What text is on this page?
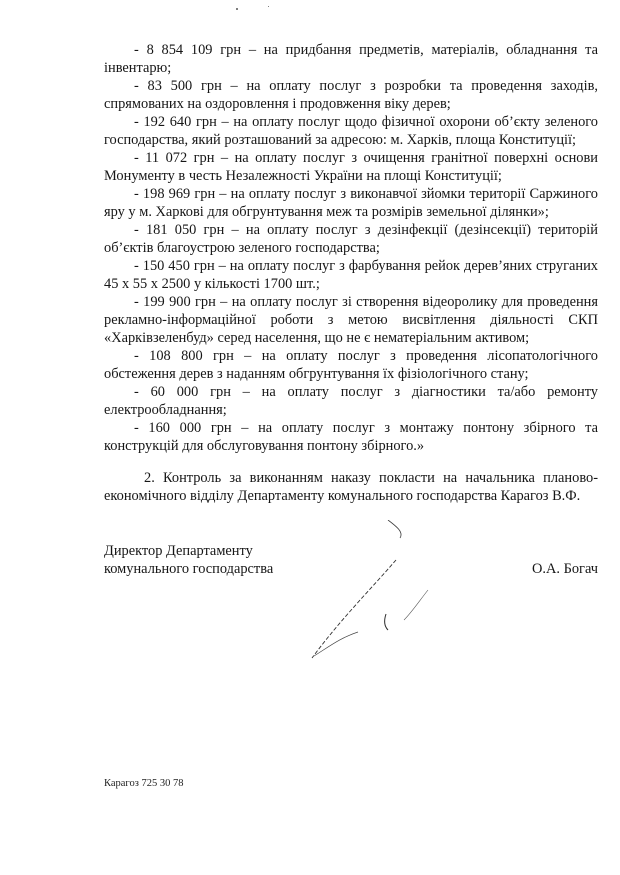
- 8 854 109 грн – на придбання предметів, матеріалів, обладнання та інвентарю;

- 83 500 грн – на оплату послуг з розробки та проведення заходів, спрямованих на оздоровлення і продовження віку дерев;

- 192 640 грн – на оплату послуг щодо фізичної охорони об’єкту зеленого господарства, який розташований за адресою: м. Харків, площа Конституції;

- 11 072 грн – на оплату послуг з очищення гранітної поверхні основи Монументу в честь Незалежності України на площі Конституції;

- 198 969 грн – на оплату послуг з виконавчої зйомки території Саржиного яру у м. Харкові для обгрунтування меж та розмірів земельної ділянки»;

- 181 050 грн – на оплату послуг з дезінфекції (дезінсекції) територій об’єктів благоустрою зеленого господарства;

- 150 450 грн – на оплату послуг з фарбування рейок дерев’яних струганих 45 х 55 х 2500 у кількості 1700 шт.;

- 199 900 грн – на оплату послуг зі створення відеоролику для проведення рекламно-інформаційної роботи з метою висвітлення діяльності СКП «Харківзеленбуд» серед населення, що не є нематеріальним активом;

- 108 800 грн – на оплату послуг з проведення лісопатологічного обстеження дерев з наданням обгрунтування їх фізіологічного стану;

- 60 000 грн – на оплату послуг з діагностики та/або ремонту електрообладнання;

- 160 000 грн – на оплату послуг з монтажу понтону збірного та конструкцій для обслуговування понтону збірного.»

2. Контроль за виконанням наказу покласти на начальника планово-економічного відділу Департаменту комунального господарства Карагоз В.Ф.

Директор Департаменту
комунального господарства	О.А. Богач
Карагоз 725 30 78
